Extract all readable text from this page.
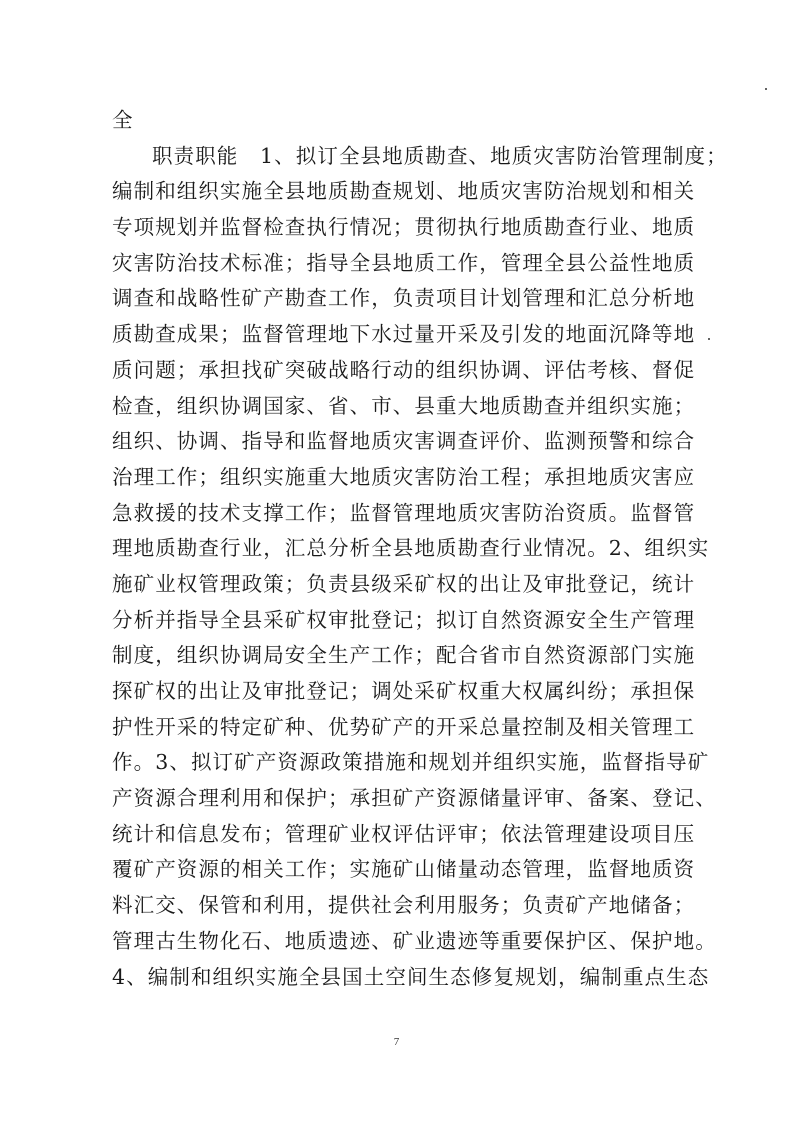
全
职责职能　1、拟订全县地质勘查、地质灾害防治管理制度；
编制和组织实施全县地质勘查规划、地质灾害防治规划和相关
专项规划并监督检查执行情况；贯彻执行地质勘查行业、地质
灾害防治技术标准；指导全县地质工作，管理全县公益性地质
调查和战略性矿产勘查工作，负责项目计划管理和汇总分析地
质勘查成果；监督管理地下水过量开采及引发的地面沉降等地
质问题；承担找矿突破战略行动的组织协调、评估考核、督促
检查，组织协调国家、省、市、县重大地质勘查并组织实施；
组织、协调、指导和监督地质灾害调查评价、监测预警和综合
治理工作；组织实施重大地质灾害防治工程；承担地质灾害应
急救援的技术支撑工作；监督管理地质灾害防治资质。监督管
理地质勘查行业，汇总分析全县地质勘查行业情况。2、组织实
施矿业权管理政策；负责县级采矿权的出让及审批登记，统计
分析并指导全县采矿权审批登记；拟订自然资源安全生产管理
制度，组织协调局安全生产工作；配合省市自然资源部门实施
探矿权的出让及审批登记；调处采矿权重大权属纠纷；承担保
护性开采的特定矿种、优势矿产的开采总量控制及相关管理工
作。3、拟订矿产资源政策措施和规划并组织实施，监督指导矿
产资源合理利用和保护；承担矿产资源储量评审、备案、登记、
统计和信息发布；管理矿业权评估评审；依法管理建设项目压
覆矿产资源的相关工作；实施矿山储量动态管理，监督地质资
料汇交、保管和利用，提供社会利用服务；负责矿产地储备；
管理古生物化石、地质遗迹、矿业遗迹等重要保护区、保护地。
4、编制和组织实施全县国土空间生态修复规划，编制重点生态
7
